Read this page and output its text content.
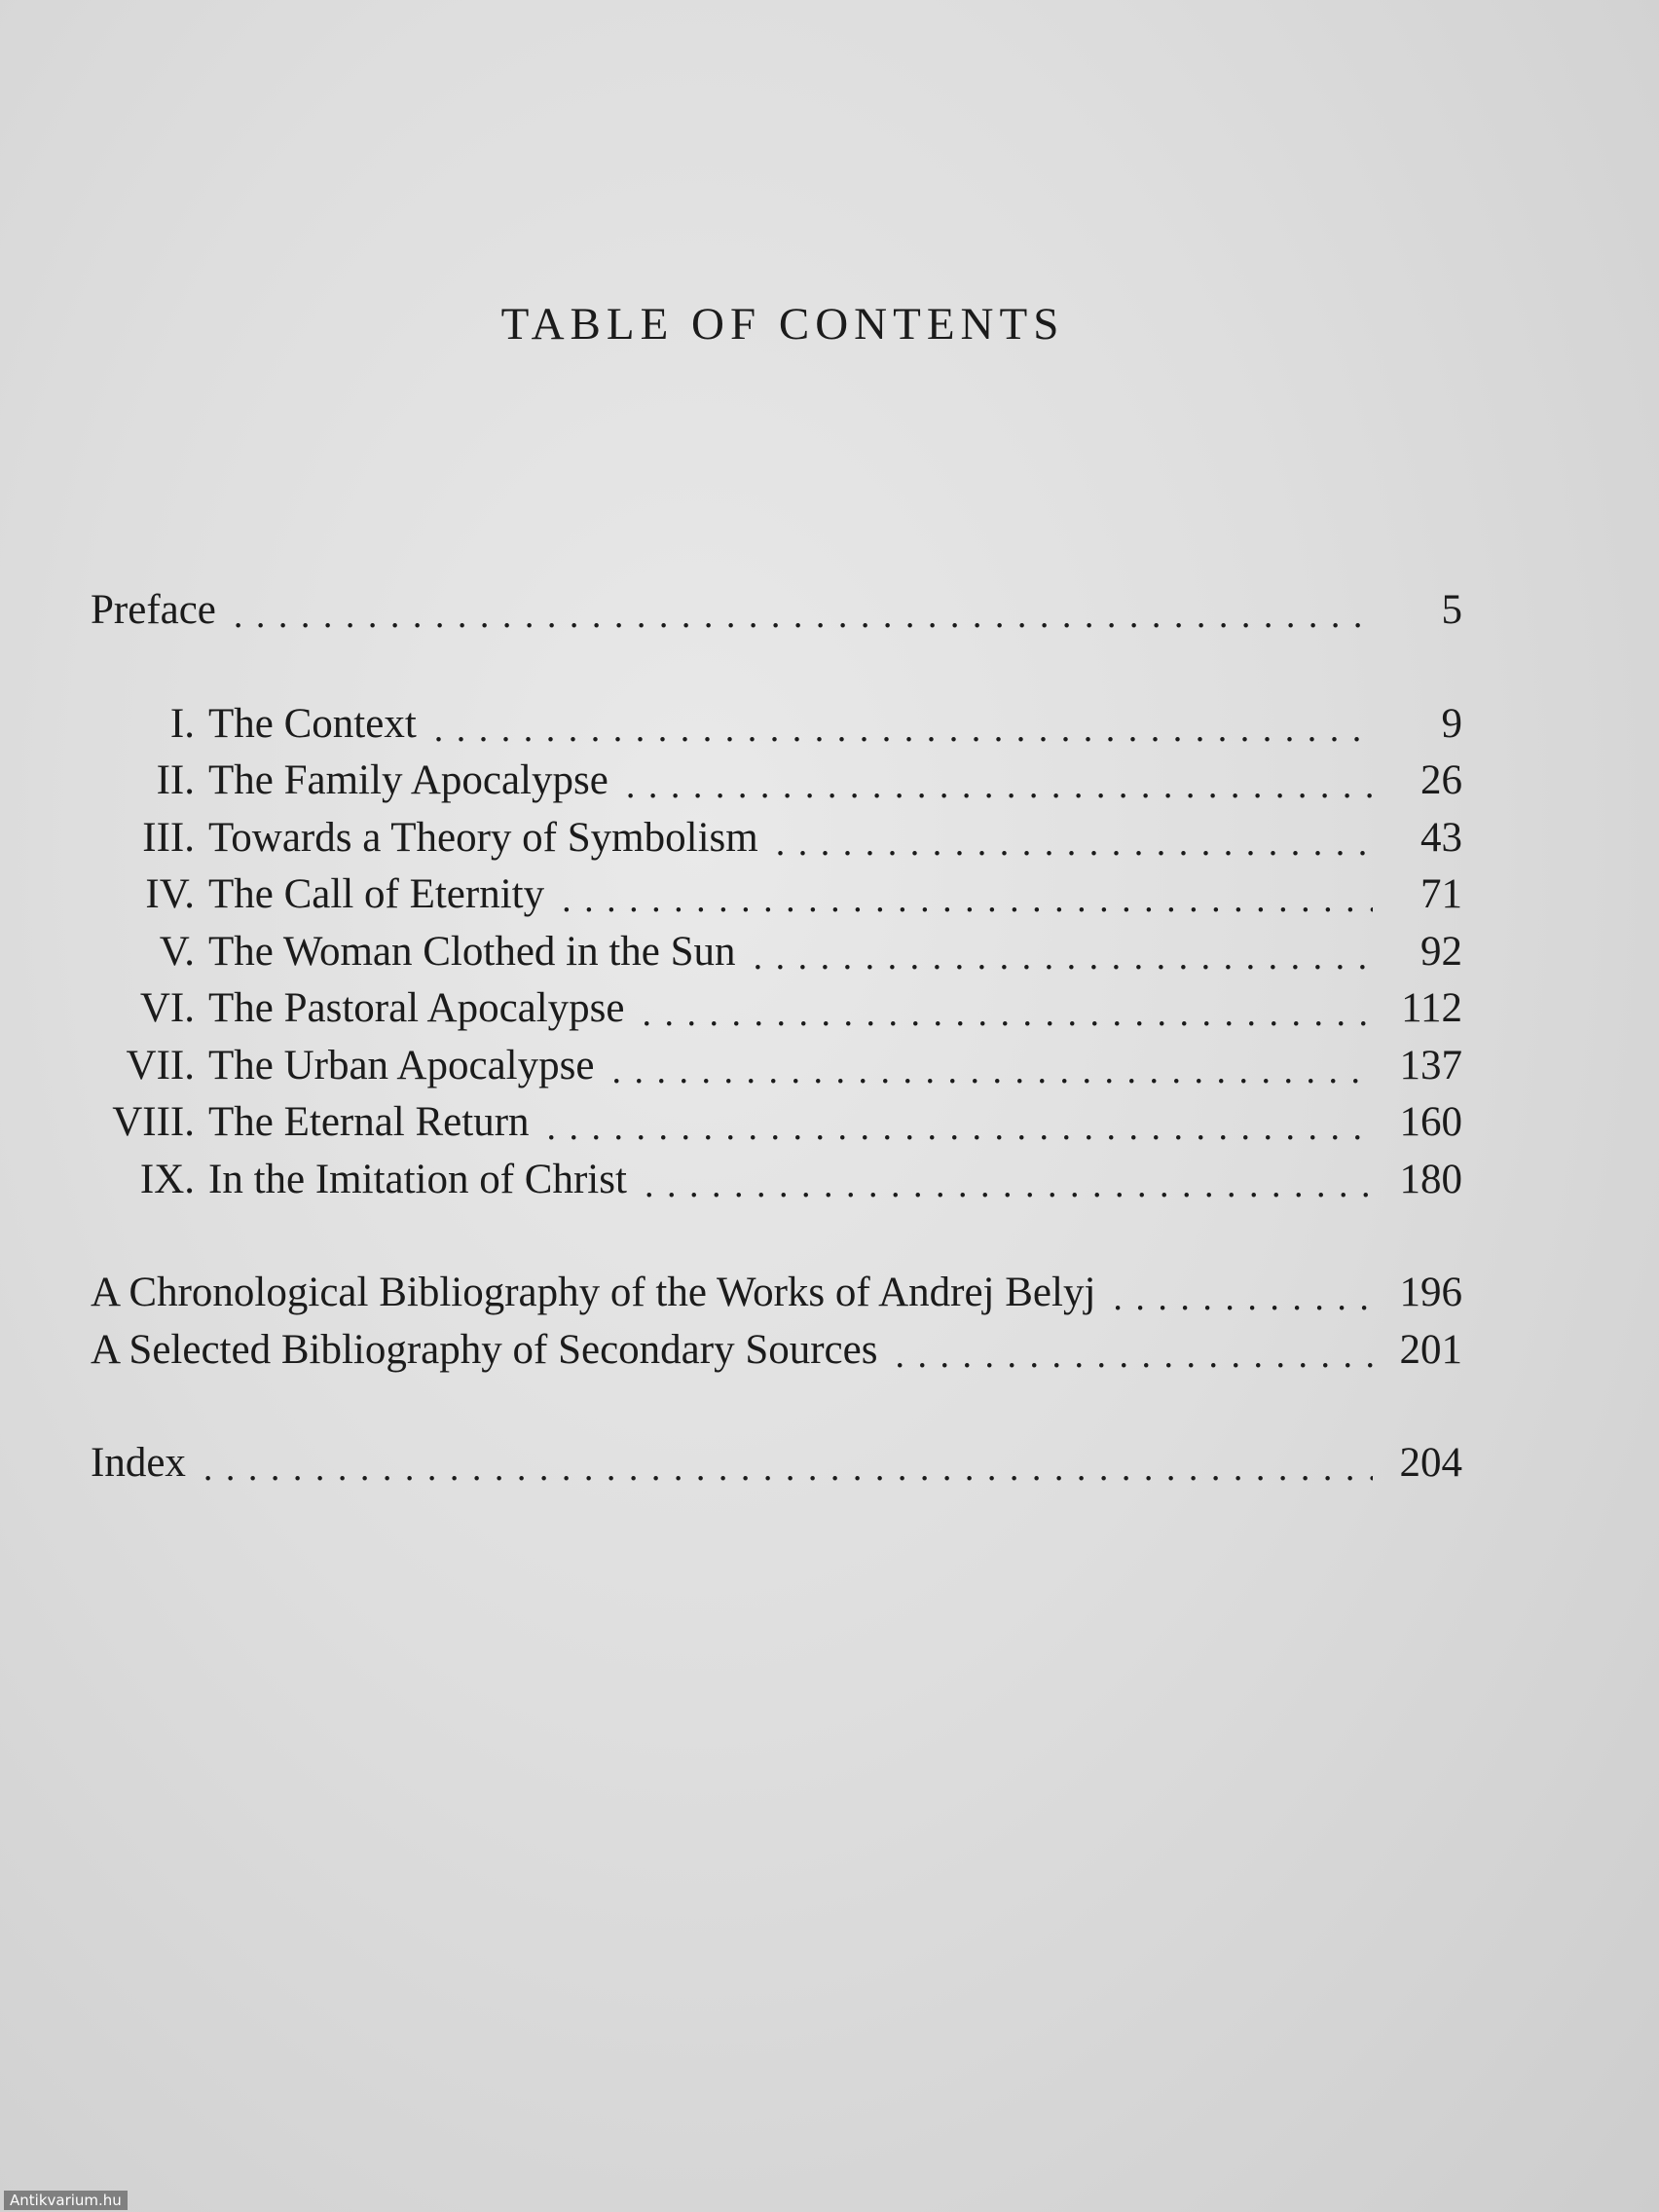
TABLE OF CONTENTS
Preface . . .	5
I. The Context . . .	9
II. The Family Apocalypse . . .	26
III. Towards a Theory of Symbolism . . .	43
IV. The Call of Eternity . . .	71
V. The Woman Clothed in the Sun . . .	92
VI. The Pastoral Apocalypse . . .	112
VII. The Urban Apocalypse . . .	137
VIII. The Eternal Return . . .	160
IX. In the Imitation of Christ . . .	180
A Chronological Bibliography of the Works of Andrej Belyj . . .	196
A Selected Bibliography of Secondary Sources . . .	201
Index . . .	204
Antikvarium.hu
